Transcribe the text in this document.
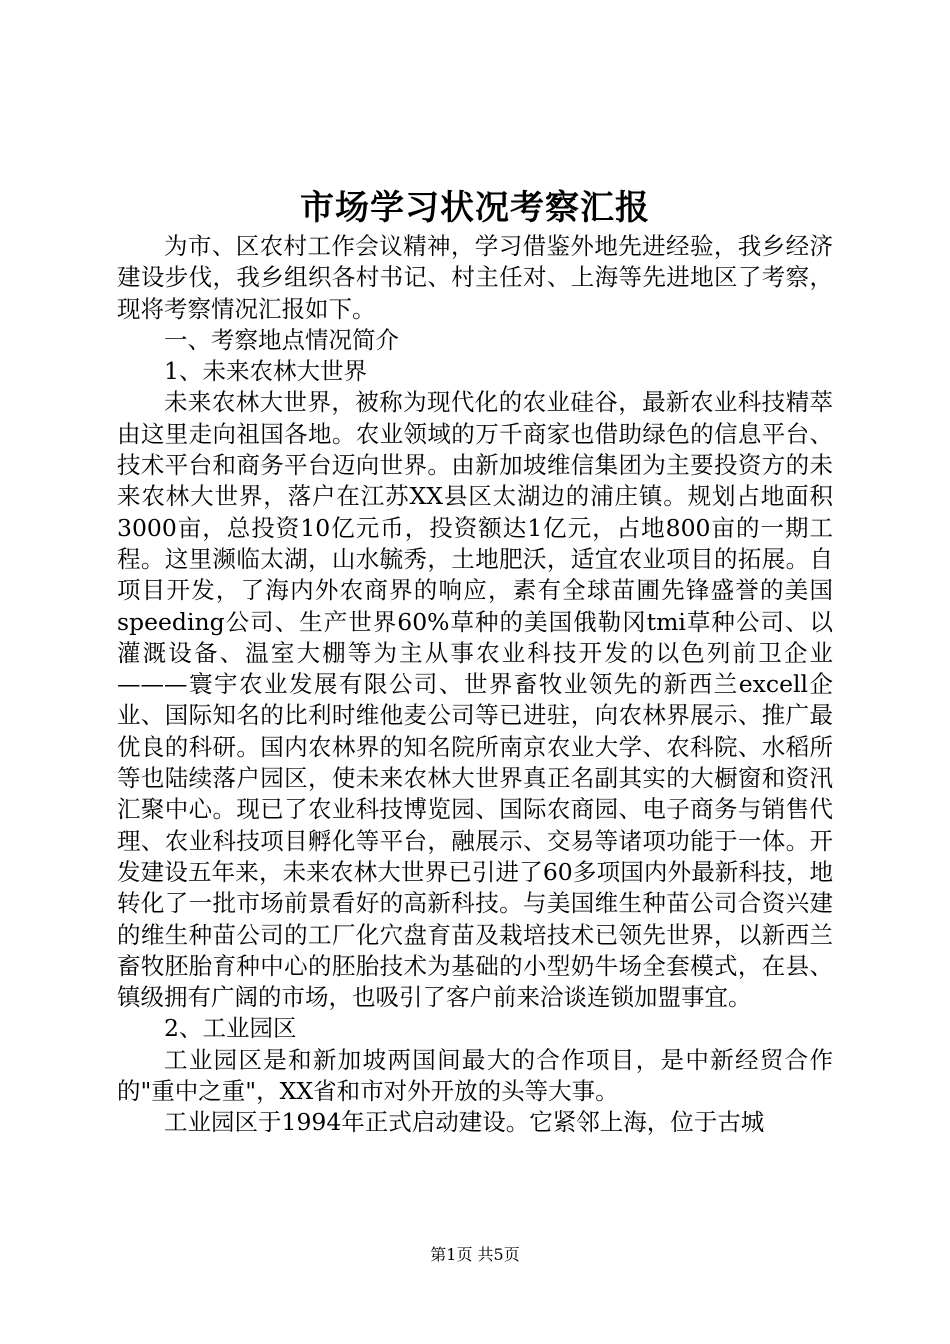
市场学习状况考察汇报

为市、区农村工作会议精神，学习借鉴外地先进经验，我乡经济建设步伐，我乡组织各村书记、村主任对、上海等先进地区了考察，现将考察情况汇报如下。

一、考察地点情况简介

1、未来农林大世界

未来农林大世界，被称为现代化的农业硅谷，最新农业科技精萃由这里走向祖国各地。农业领域的万千商家也借助绿色的信息平台、技术平台和商务平台迈向世界。由新加坡维信集团为主要投资方的未来农林大世界，落户在江苏XX县区太湖边的浦庄镇。规划占地面积3000亩，总投资10亿元币，投资额达1亿元，占地800亩的一期工程。这里濒临太湖，山水毓秀，土地肥沃，适宜农业项目的拓展。自项目开发，了海内外农商界的响应，素有全球苗圃先锋盛誉的美国speeding公司、生产世界60%草种的美国俄勒冈tmi草种公司、以灌溉设备、温室大棚等为主从事农业科技开发的以色列前卫企业———寰宇农业发展有限公司、世界畜牧业领先的新西兰excell企业、国际知名的比利时维他麦公司等已进驻，向农林界展示、推广最优良的科研。国内农林界的知名院所南京农业大学、农科院、水稻所等也陆续落户园区，使未来农林大世界真正名副其实的大橱窗和资汛汇聚中心。现已了农业科技博览园、国际农商园、电子商务与销售代理、农业科技项目孵化等平台，融展示、交易等诸项功能于一体。开发建设五年来，未来农林大世界已引进了60多项国内外最新科技，地转化了一批市场前景看好的高新科技。与美国维生种苗公司合资兴建的维生种苗公司的工厂化穴盘育苗及栽培技术已领先世界，以新西兰畜牧胚胎育种中心的胚胎技术为基础的小型奶牛场全套模式，在县、镇级拥有广阔的市场，也吸引了客户前来洽谈连锁加盟事宜。

2、工业园区

工业园区是和新加坡两国间最大的合作项目，是中新经贸合作的"重中之重"，XX省和市对外开放的头等大事。

工业园区于1994年正式启动建设。它紧邻上海，位于古城

第1页 共5页
